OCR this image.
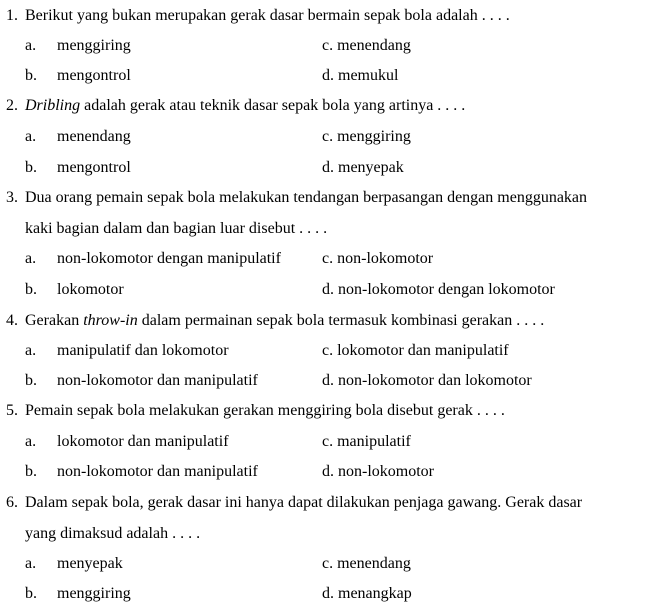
1. Berikut yang bukan merupakan gerak dasar bermain sepak bola adalah . . . .
a. menggiring	c. menendang
b. mengontrol	d. memukul
2. Dribling adalah gerak atau teknik dasar sepak bola yang artinya . . . .
a. menendang	c. menggiring
b. mengontrol	d. menyepak
3. Dua orang pemain sepak bola melakukan tendangan berpasangan dengan menggunakan
kaki bagian dalam dan bagian luar disebut . . . .
a. non-lokomotor dengan manipulatif	c. non-lokomotor
b. lokomotor	d. non-lokomotor dengan lokomotor
4. Gerakan throw-in dalam permainan sepak bola termasuk kombinasi gerakan . . . .
a. manipulatif dan lokomotor	c. lokomotor dan manipulatif
b. non-lokomotor dan manipulatif	d. non-lokomotor dan lokomotor
5. Pemain sepak bola melakukan gerakan menggiring bola disebut gerak . . . .
a. lokomotor dan manipulatif	c. manipulatif
b. non-lokomotor dan manipulatif	d. non-lokomotor
6. Dalam sepak bola, gerak dasar ini hanya dapat dilakukan penjaga gawang. Gerak dasar
yang dimaksud adalah . . . .
a. menyepak	c. menendang
b. menggiring	d. menangkap
